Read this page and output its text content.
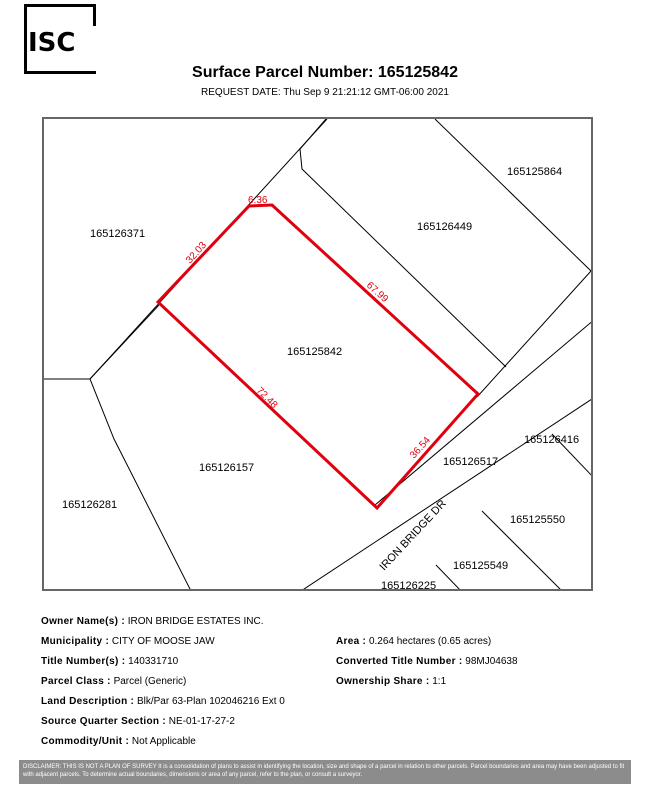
ISC
Surface Parcel Number: 165125842
REQUEST DATE: Thu Sep 9 21:21:12 GMT-06:00 2021
165125864
165126449
165126371
165125842
165126416
165126517
165126157
165126281
165125550
165125549
165126225
IRON BRIDGE DR
6.36
32.03
67.99
72.48
36.54
Owner Name(s) : IRON BRIDGE ESTATES INC.
Municipality : CITY OF MOOSE JAW	Area : 0.264 hectares (0.65 acres)
Title Number(s) : 140331710	Converted Title Number : 98MJ04638
Parcel Class : Parcel (Generic)	Ownership Share : 1:1
Land Description : Blk/Par 63-Plan 102046216 Ext 0
Source Quarter Section : NE-01-17-27-2
Commodity/Unit : Not Applicable
DISCLAIMER: THIS IS NOT A PLAN OF SURVEY It is a consolidation of plans to assist in identifying the location, size and shape of a parcel in relation to other parcels. Parcel boundaries and area may have been adjusted to fit with adjacent parcels. To determine actual boundaries, dimensions or area of any parcel, refer to the plan, or consult a surveyor.
